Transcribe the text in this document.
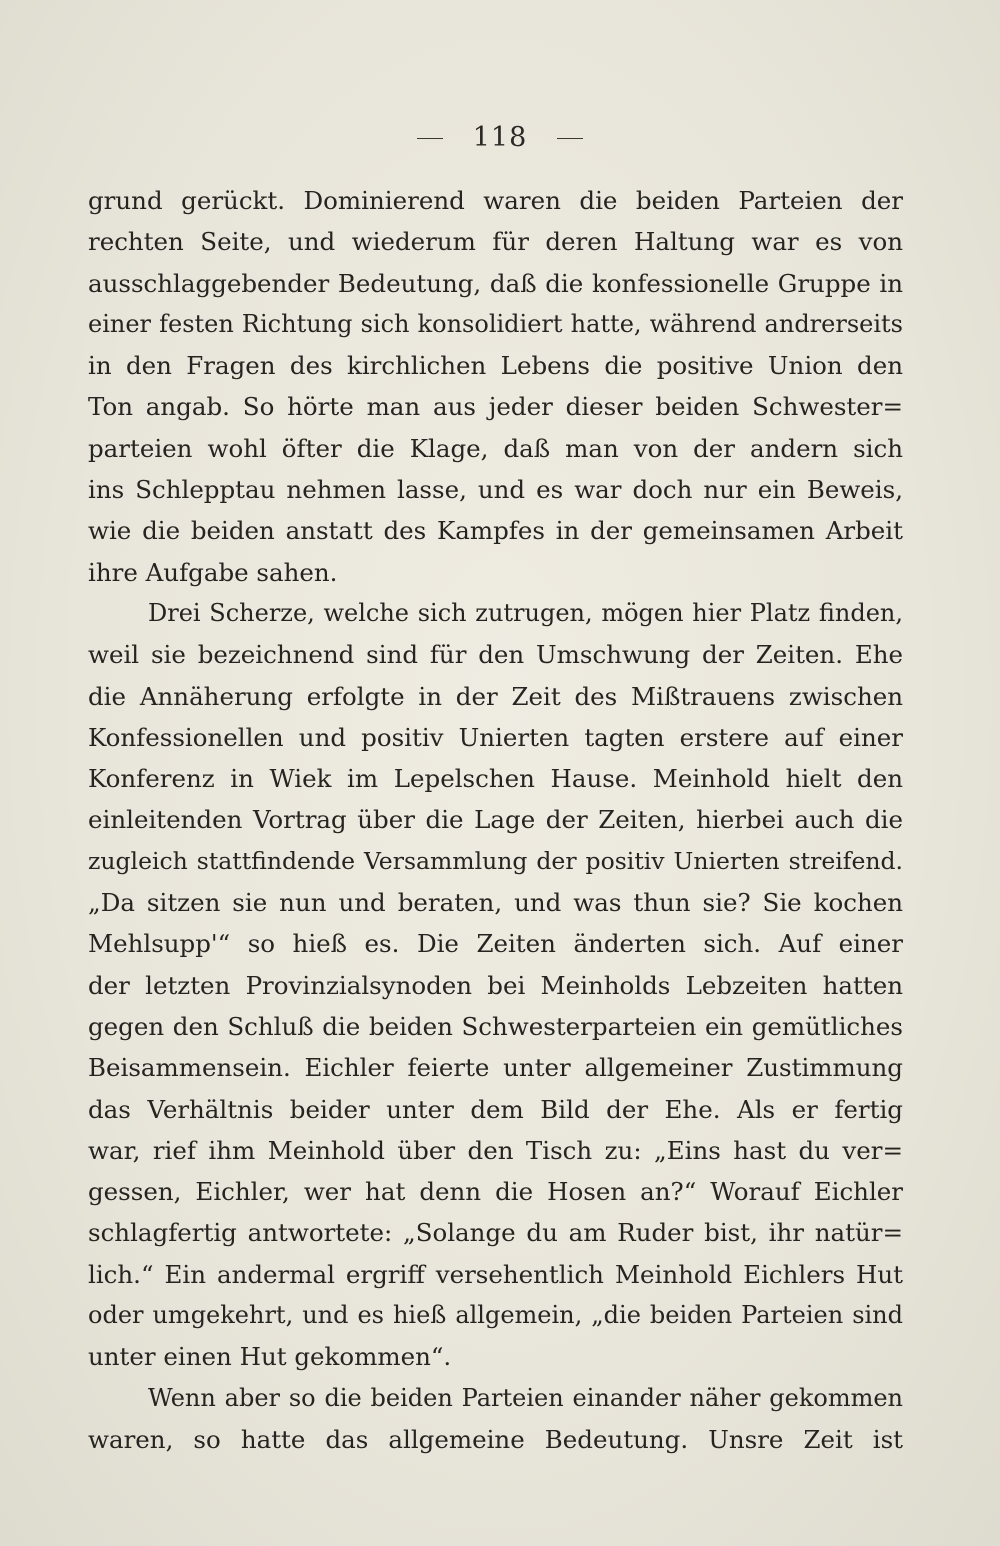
118
grund gerückt. Dominierend waren die beiden Parteien der
rechten Seite, und wiederum für deren Haltung war es von
ausschlaggebender Bedeutung, daß die konfessionelle Gruppe in
einer festen Richtung sich konsolidiert hatte, während andrerseits
in den Fragen des kirchlichen Lebens die positive Union den
Ton angab. So hörte man aus jeder dieser beiden Schwester=
parteien wohl öfter die Klage, daß man von der andern sich
ins Schlepptau nehmen lasse, und es war doch nur ein Beweis,
wie die beiden anstatt des Kampfes in der gemeinsamen Arbeit
ihre Aufgabe sahen.
Drei Scherze, welche sich zutrugen, mögen hier Platz finden,
weil sie bezeichnend sind für den Umschwung der Zeiten. Ehe
die Annäherung erfolgte in der Zeit des Mißtrauens zwischen
Konfessionellen und positiv Unierten tagten erstere auf einer
Konferenz in Wiek im Lepelschen Hause. Meinhold hielt den
einleitenden Vortrag über die Lage der Zeiten, hierbei auch die
zugleich stattfindende Versammlung der positiv Unierten streifend.
„Da sitzen sie nun und beraten, und was thun sie? Sie kochen
Mehlsupp'“ so hieß es. Die Zeiten änderten sich. Auf einer
der letzten Provinzialsynoden bei Meinholds Lebzeiten hatten
gegen den Schluß die beiden Schwesterparteien ein gemütliches
Beisammensein. Eichler feierte unter allgemeiner Zustimmung
das Verhältnis beider unter dem Bild der Ehe. Als er fertig
war, rief ihm Meinhold über den Tisch zu: „Eins hast du ver=
gessen, Eichler, wer hat denn die Hosen an?“ Worauf Eichler
schlagfertig antwortete: „Solange du am Ruder bist, ihr natür=
lich.“ Ein andermal ergriff versehentlich Meinhold Eichlers Hut
oder umgekehrt, und es hieß allgemein, „die beiden Parteien sind
unter einen Hut gekommen“.
Wenn aber so die beiden Parteien einander näher gekommen
waren, so hatte das allgemeine Bedeutung. Unsre Zeit ist
